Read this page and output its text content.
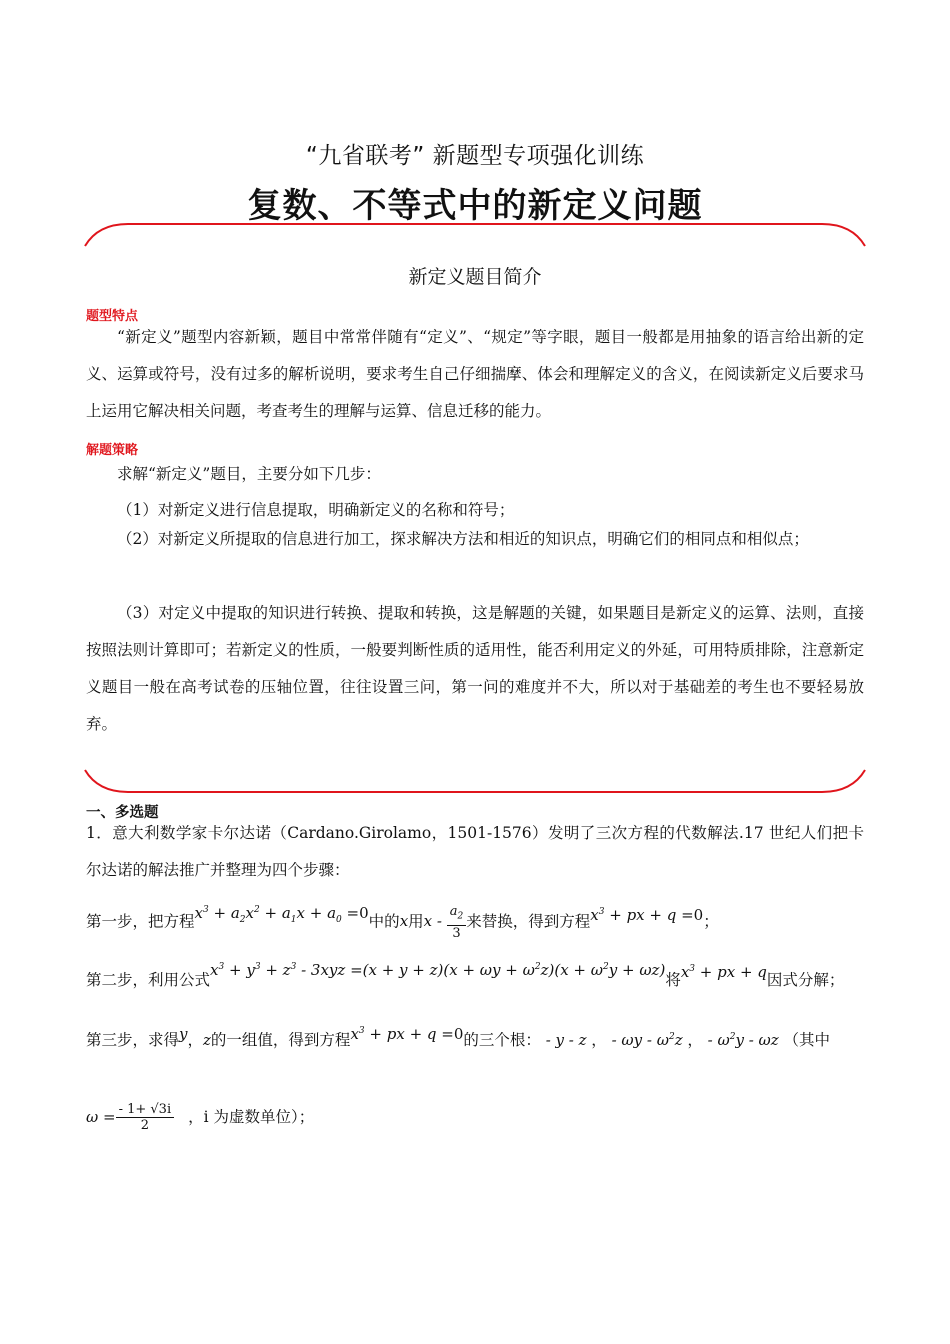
“九省联考” 新题型专项强化训练
复数、不等式中的新定义问题
新定义题目简介
题型特点
“新定义”题型内容新颖，题目中常常伴随有“定义”、“规定”等字眼，题目一般都是用抽象的语言给出新的定义、运算或符号，没有过多的解析说明，要求考生自己仔细揣摩、体会和理解定义的含义，在阅读新定义后要求马上运用它解决相关问题，考查考生的理解与运算、信息迁移的能力。
解题策略
求解“新定义”题目，主要分如下几步：
（1）对新定义进行信息提取，明确新定义的名称和符号；
（2）对新定义所提取的信息进行加工，探求解决方法和相近的知识点，明确它们的相同点和相似点；
（3）对定义中提取的知识进行转换、提取和转换，这是解题的关键，如果题目是新定义的运算、法则，直接按照法则计算即可；若新定义的性质，一般要判断性质的适用性，能否利用定义的外延，可用特质排除，注意新定义题目一般在高考试卷的压轴位置，往往设置三问，第一问的难度并不大，所以对于基础差的考生也不要轻易放弃。
一、多选题
1．意大利数学家卡尔达诺（Cardano.Girolamo，1501-1576）发明了三次方程的代数解法.17 世纪人们把卡尔达诺的解法推广并整理为四个步骤：
第一步，把方程$x^3 + a_2x^2 + a_1x + a_0 =0$中的x用x - $\frac{a_2}{3}$ 来替换，得到方程$x^3$ + px + q =0；
第二步，利用公式$x^3 + y^3 + z^3 - 3xyz =(x + y + z)(x + \omega y + \omega^2z)(x + \omega^2y + \omega z)$将$x^3$ + px + q因式分解；
第三步，求得y，z的一组值，得到方程$x^3$ + px + q =0的三个根： - y - z ， - ωy - $\omega^2z$ ， - $\omega^2y$ - ωz （其中
$\omega = \frac{- 1+ √3i}{2}$ ，i 为虚数单位）；
